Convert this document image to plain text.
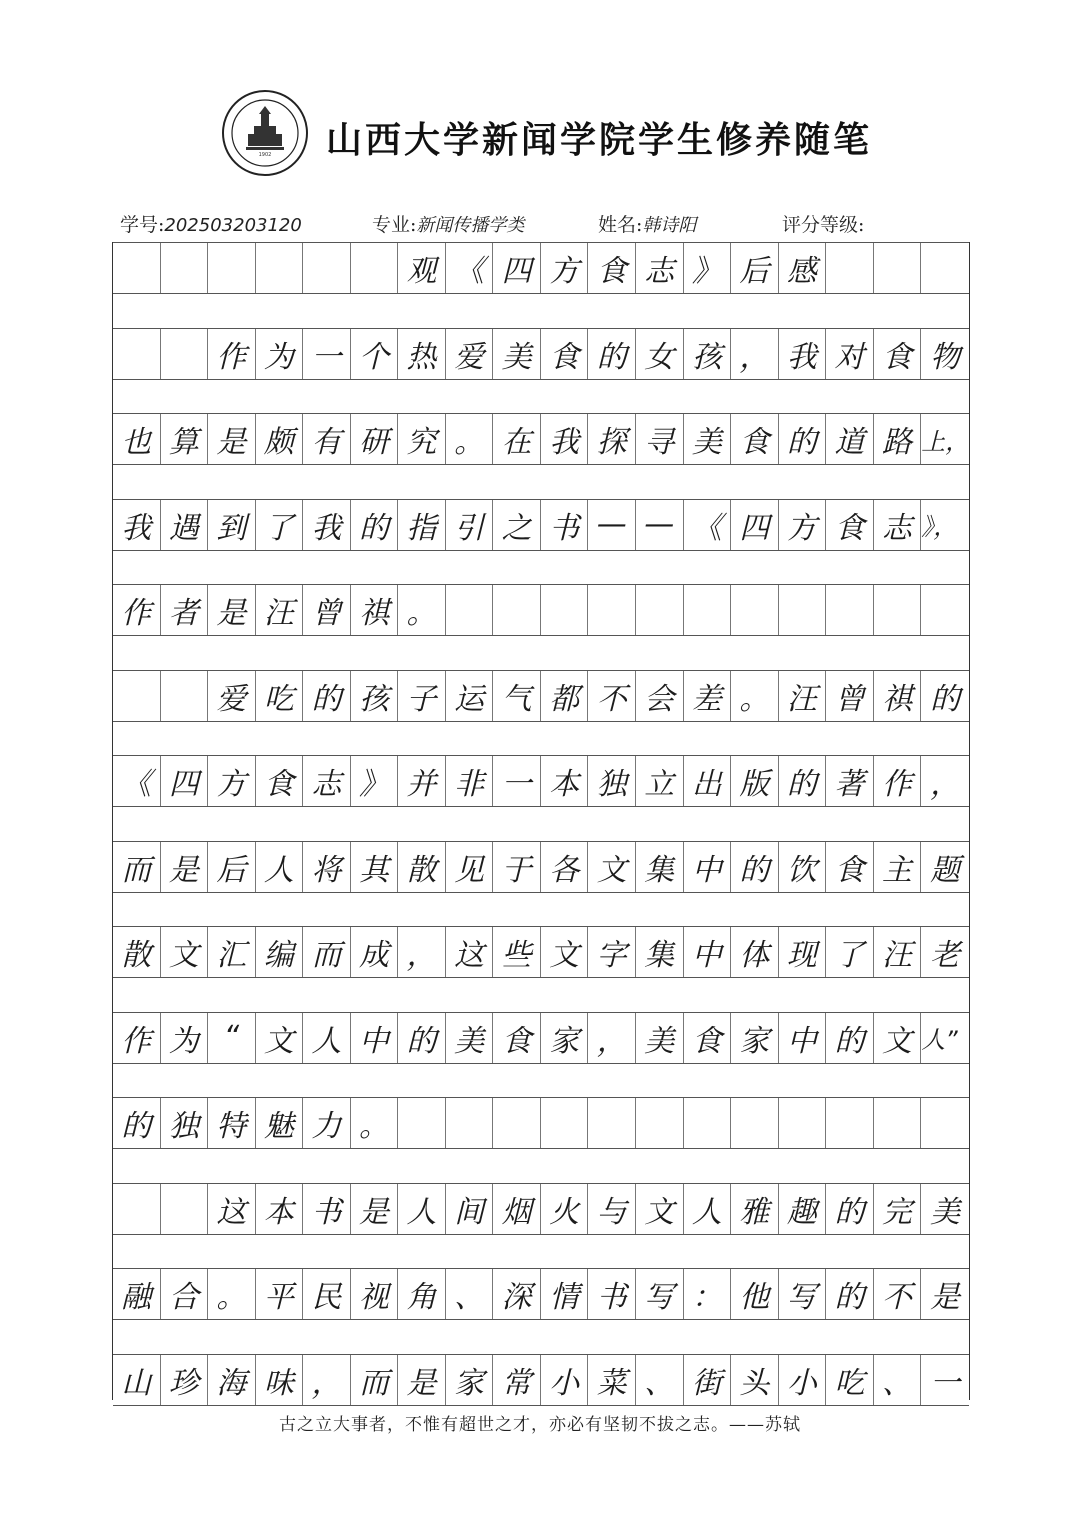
1902 山西大学新闻学院学生修养随笔
学号:202503203120	专业:新闻传播学类	姓名:韩诗阳	评分等级:
观 《 四 方 食 志 》 后 感
作 为 一 个 热 爱 美 食 的 女 孩 ， 我 对 食 物
也 算 是 颇 有 研 究 。 在 我 探 寻 美 食 的 道 路 上，
我 遇 到 了 我 的 指 引 之 书 — — 《 四 方 食 志 》，
作 者 是 汪 曾 祺 。
爱 吃 的 孩 子 运 气 都 不 会 差 。 汪 曾 祺 的
《 四 方 食 志 》 并 非 一 本 独 立 出 版 的 著 作 ，
而 是 后 人 将 其 散 见 于 各 文 集 中 的 饮 食 主 题
散 文 汇 编 而 成 ， 这 些 文 字 集 中 体 现 了 汪 老
作 为 “ 文 人 中 的 美 食 家 ， 美 食 家 中 的 文 人”
的 独 特 魅 力 。
这 本 书 是 人 间 烟 火 与 文 人 雅 趣 的 完 美
融 合 。 平 民 视 角 、 深 情 书 写 ： 他 写 的 不 是
山 珍 海 味 ， 而 是 家 常 小 菜 、 街 头 小 吃 、 一
古之立大事者，不惟有超世之才，亦必有坚韧不拔之志。——苏轼
